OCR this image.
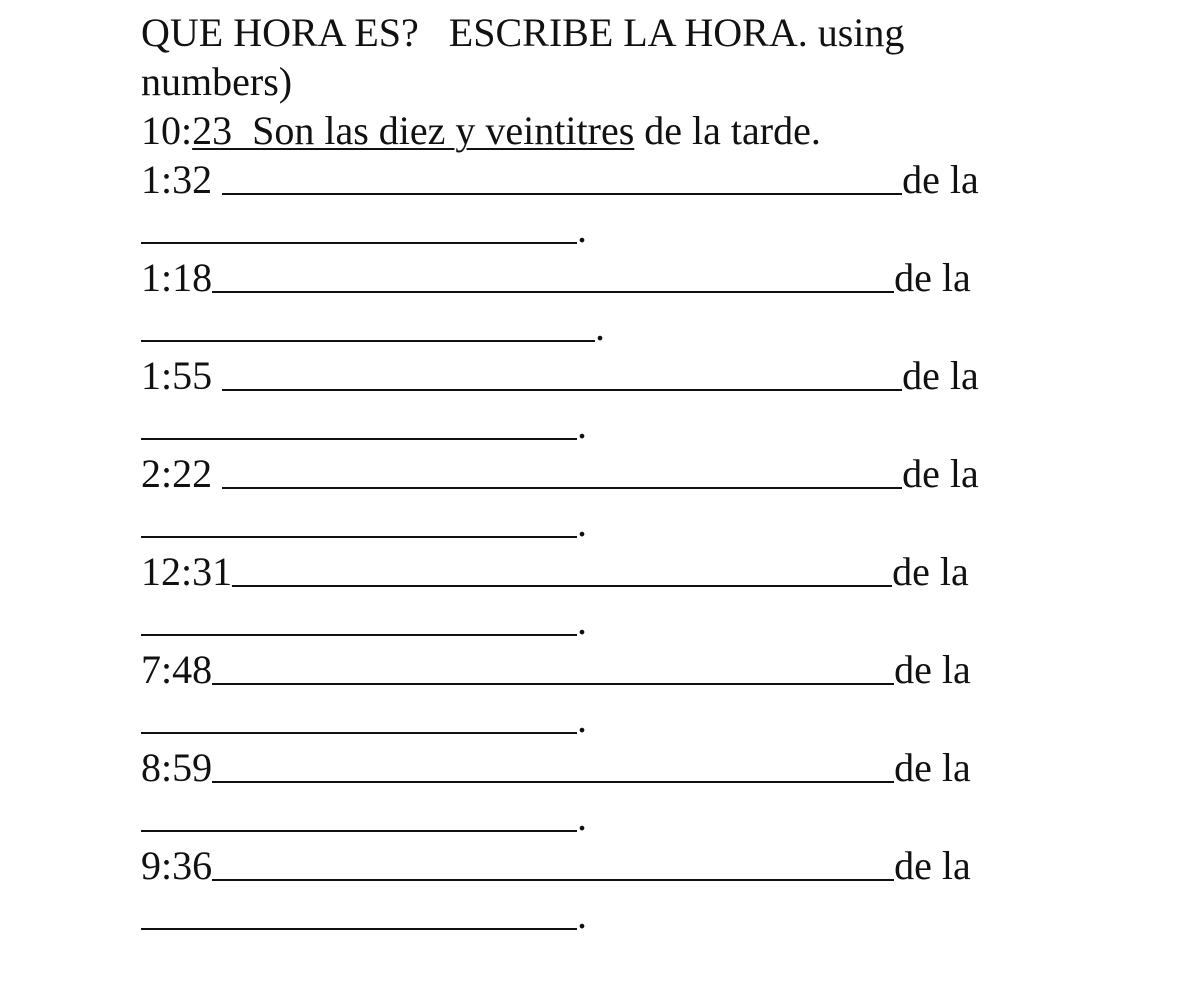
QUE HORA ES?   ESCRIBE LA HORA. using
numbers)
10:23  Son las diez y veintitres de la tarde.
1:32	de la
.
1:18	de la
.
1:55	de la
.
2:22	de la
.
12:31	de la
.
7:48	de la
.
8:59	de la
.
9:36	de la
.
